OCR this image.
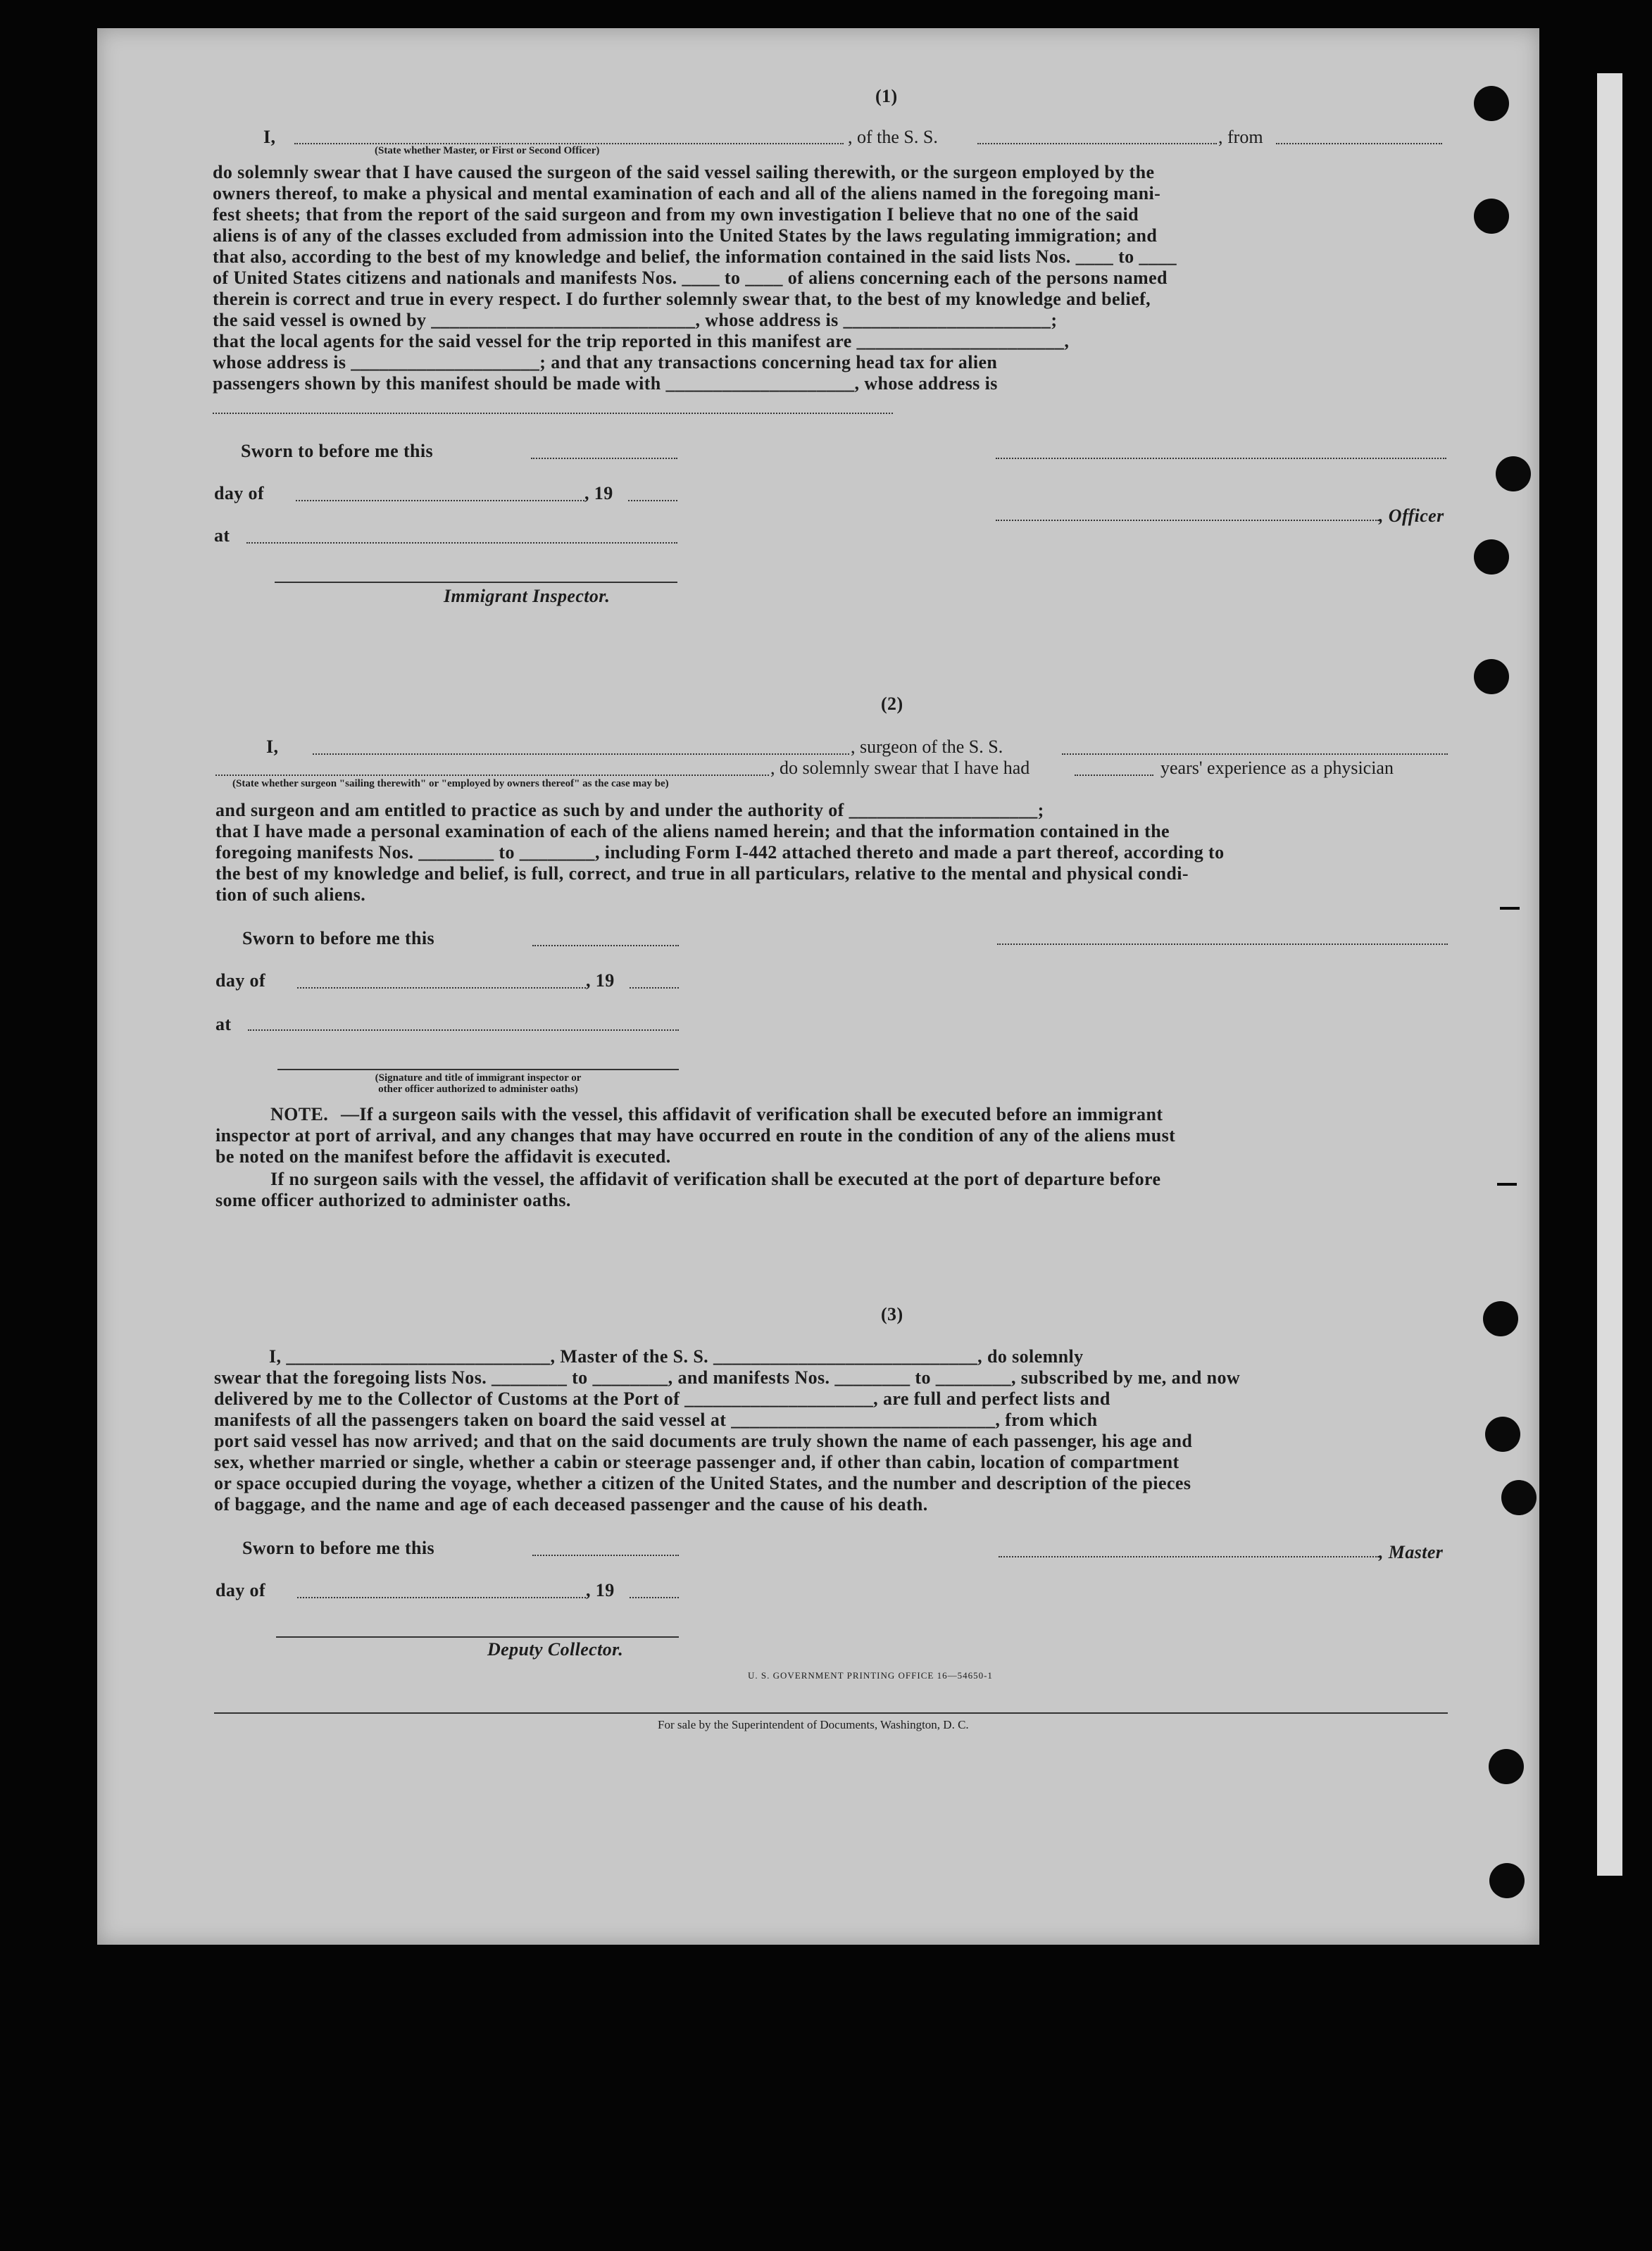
(1)
I,
(State whether Master, or First or Second Officer)
, of the S. S.	, from
do solemnly swear that I have caused the surgeon of the said vessel sailing therewith, or the surgeon employed by the
owners thereof, to make a physical and mental examination of each and all of the aliens named in the foregoing mani-
fest sheets; that from the report of the said surgeon and from my own investigation I believe that no one of the said
aliens is of any of the classes excluded from admission into the United States by the laws regulating immigration; and
that also, according to the best of my knowledge and belief, the information contained in the said lists Nos. ____ to ____
of United States citizens and nationals and manifests Nos. ____ to ____ of aliens concerning each of the persons named
therein is correct and true in every respect. I do further solemnly swear that, to the best of my knowledge and belief,
the said vessel is owned by ____________________________, whose address is ______________________;
that the local agents for the said vessel for the trip reported in this manifest are ______________________,
whose address is ____________________; and that any transactions concerning head tax for alien
passengers shown by this manifest should be made with ____________________, whose address is
Sworn to before me this
day of	, 19
at
Immigrant Inspector.
, Officer
(2)
I,	, surgeon of the S. S.
, do solemnly swear that I have had	years' experience as a physician
(State whether surgeon "sailing therewith" or "employed by owners thereof" as the case may be)
and surgeon and am entitled to practice as such by and under the authority of ____________________;
that I have made a personal examination of each of the aliens named herein; and that the information contained in the
foregoing manifests Nos. ________ to ________, including Form I-442 attached thereto and made a part thereof, according to
the best of my knowledge and belief, is full, correct, and true in all particulars, relative to the mental and physical condi-
tion of such aliens.
Sworn to before me this
day of	, 19
at
(Signature and title of immigrant inspector or
other officer authorized to administer oaths)
NOTE. —If a surgeon sails with the vessel, this affidavit of verification shall be executed before an immigrant
inspector at port of arrival, and any changes that may have occurred en route in the condition of any of the aliens must
be noted on the manifest before the affidavit is executed.
If no surgeon sails with the vessel, the affidavit of verification shall be executed at the port of departure before
some officer authorized to administer oaths.
(3)
I, ____________________________, Master of the S. S. ____________________________, do solemnly
swear that the foregoing lists Nos. ________ to ________, and manifests Nos. ________ to ________, subscribed by me, and now
delivered by me to the Collector of Customs at the Port of ____________________, are full and perfect lists and
manifests of all the passengers taken on board the said vessel at ____________________________, from which
port said vessel has now arrived; and that on the said documents are truly shown the name of each passenger, his age and
sex, whether married or single, whether a cabin or steerage passenger and, if other than cabin, location of compartment
or space occupied during the voyage, whether a citizen of the United States, and the number and description of the pieces
of baggage, and the name and age of each deceased passenger and the cause of his death.
Sworn to before me this
day of	, 19
Deputy Collector.
, Master
U. S. GOVERNMENT PRINTING OFFICE 16—54650-1
For sale by the Superintendent of Documents, Washington, D. C.
